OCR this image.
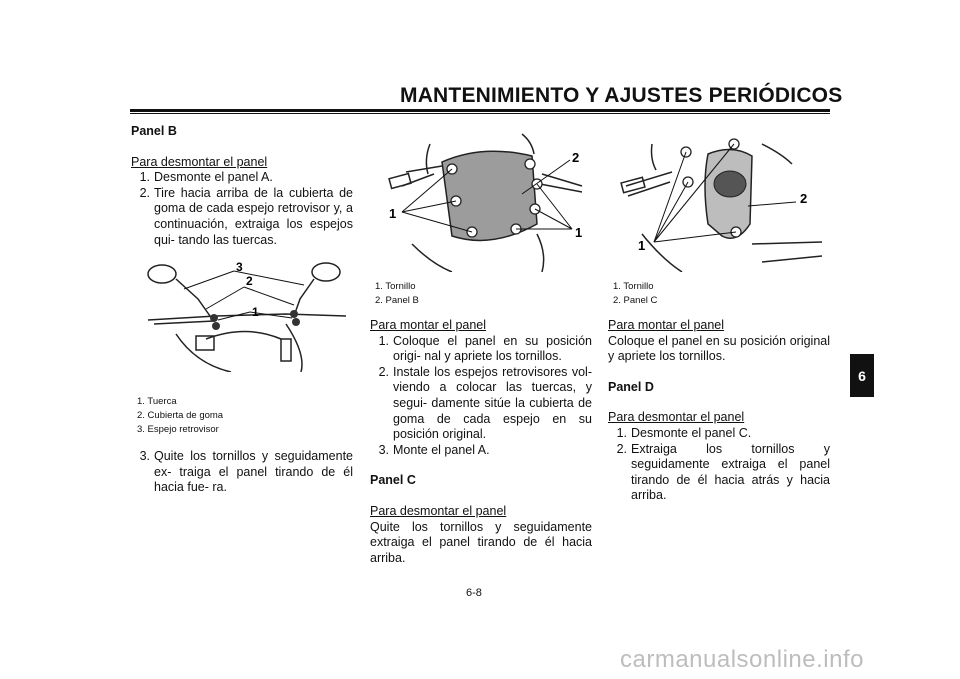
MANTENIMIENTO Y AJUSTES PERIÓDICOS
6

Panel B

Para desmontar el panel

1. Desmonte el panel A.
2. Tire hacia arriba de la cubierta de goma de cada espejo retrovisor y, a continuación, extraiga los espejos qui- tando las tuercas.
3
2
1

1. Tuerca

2. Cubierta de goma

3. Espejo retrovisor

3. Quite los tornillos y seguidamente ex- traiga el panel tirando de él hacia fue- ra.
2
1
1

1. Tornillo

2. Panel B

Para montar el panel

1. Coloque el panel en su posición origi- nal y apriete los tornillos.
2. Instale los espejos retrovisores vol- viendo a colocar las tuercas, y segui- damente sitúe la cubierta de goma de cada espejo en su posición original.
3. Monte el panel A.

Panel C

Para desmontar el panel

Quite los tornillos y seguidamente extraiga el panel tirando de él hacia arriba.

2
1

1. Tornillo

2. Panel C

Para montar el panel

Coloque el panel en su posición original y apriete los tornillos.

Panel D

Para desmontar el panel

1. Desmonte el panel C.
2. Extraiga los tornillos y seguidamente extraiga el panel tirando de él hacia atrás y hacia arriba.
6-8
carmanualsonline.info
